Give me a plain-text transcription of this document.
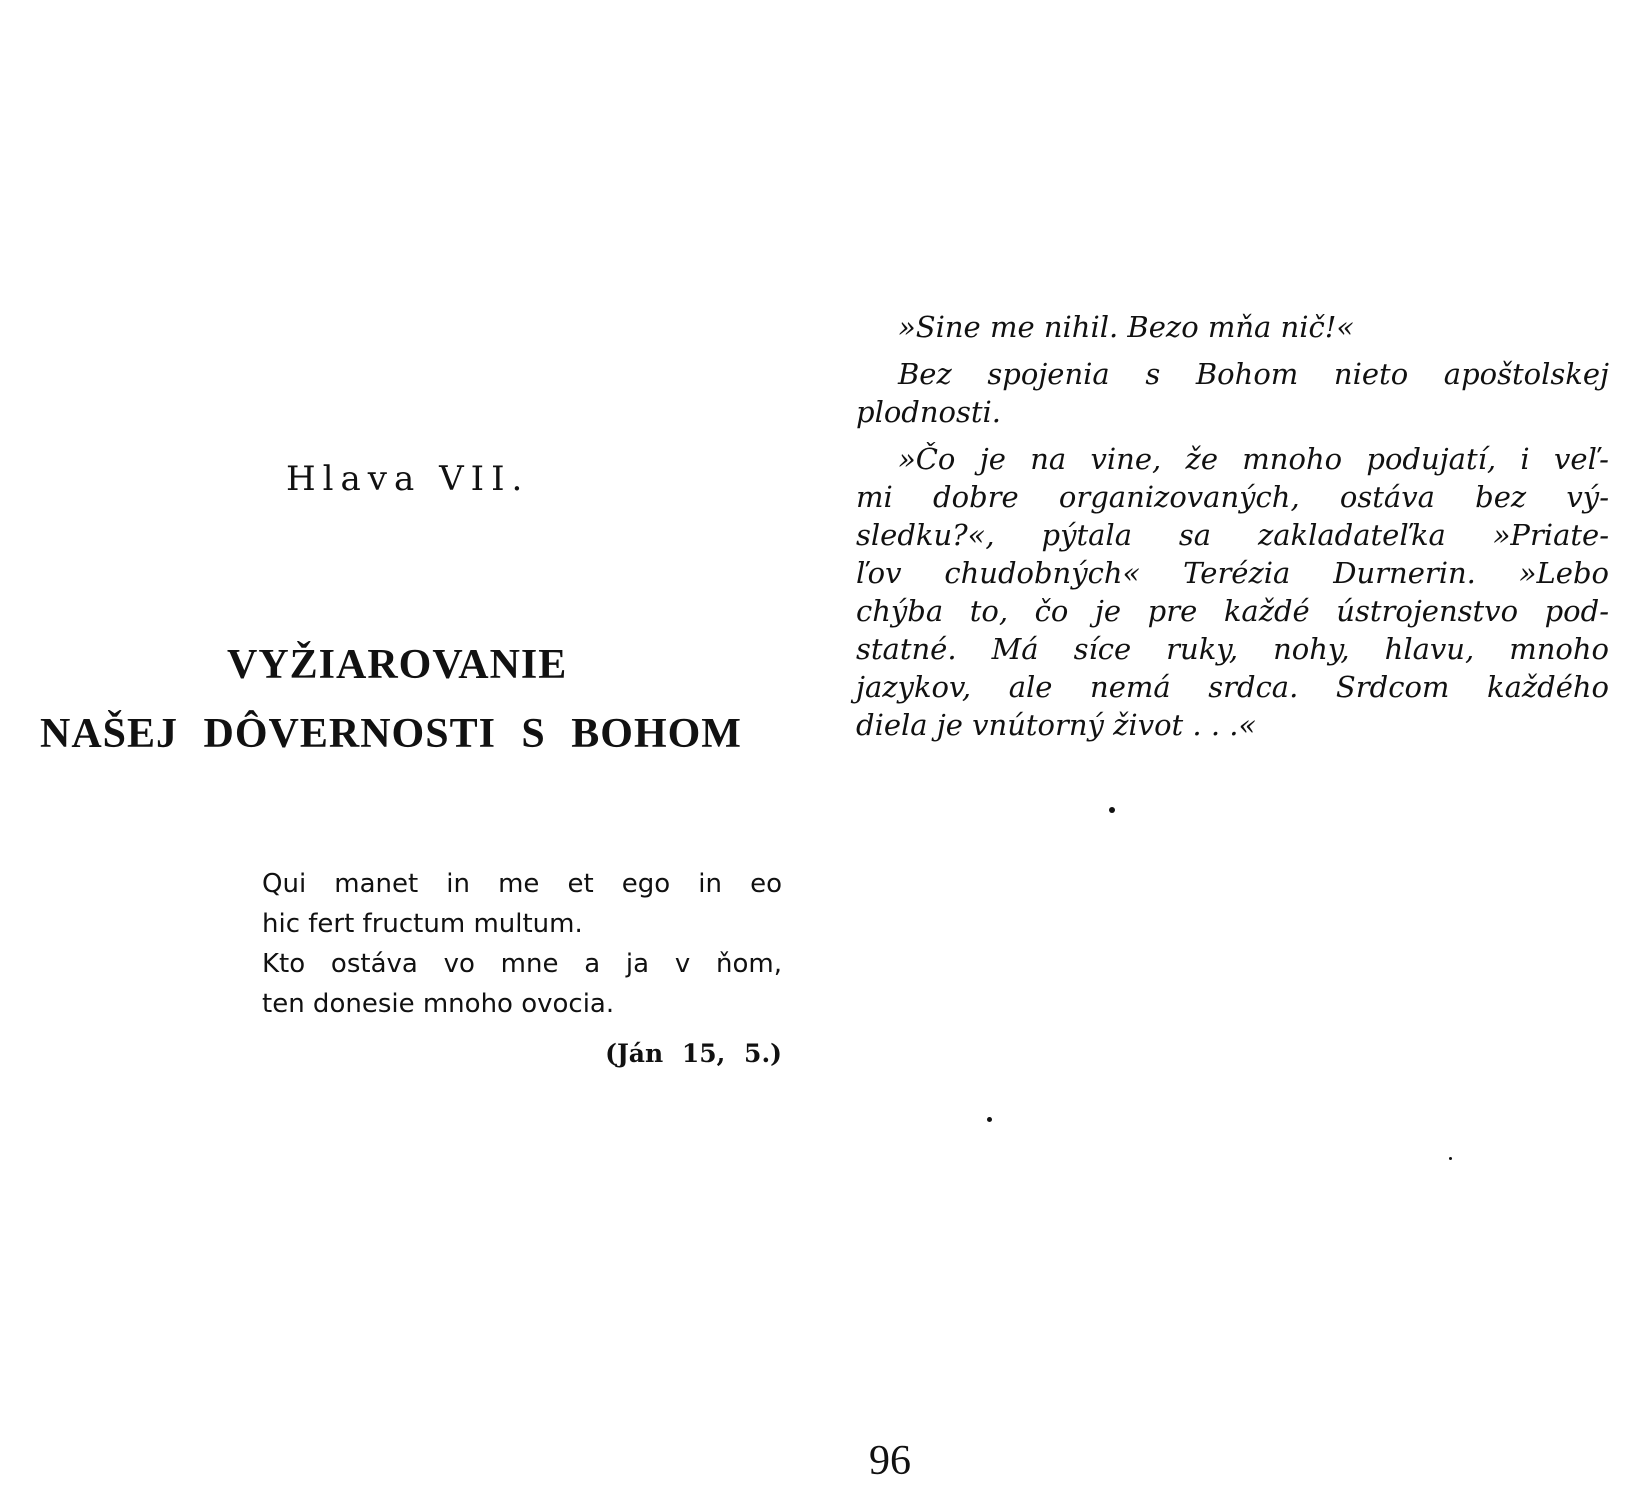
Hlava VII.
VYŽIAROVANIE
NAŠEJ DÔVERNOSTI S BOHOM
Qui manet in me et ego in eo
hic fert fructum multum.
Kto ostáva vo mne a ja v ňom,
ten donesie mnoho ovocia.
(Ján 15, 5.)

»Sine me nihil. Bezo mňa nič!«

Bez spojenia s Bohom nieto apoštolskej
plodnosti.

»Čo je na vine, že mnoho podujatí, i veľ-
mi dobre organizovaných, ostáva bez vý-
sledku?«, pýtala sa zakladateľka »Priate-
ľov chudobných« Terézia Durnerin. »Lebo
chýba to, čo je pre každé ústrojenstvo pod-
statné. Má síce ruky, nohy, hlavu, mnoho
jazykov, ale nemá srdca. Srdcom každého
diela je vnútorný život . . .«

96
